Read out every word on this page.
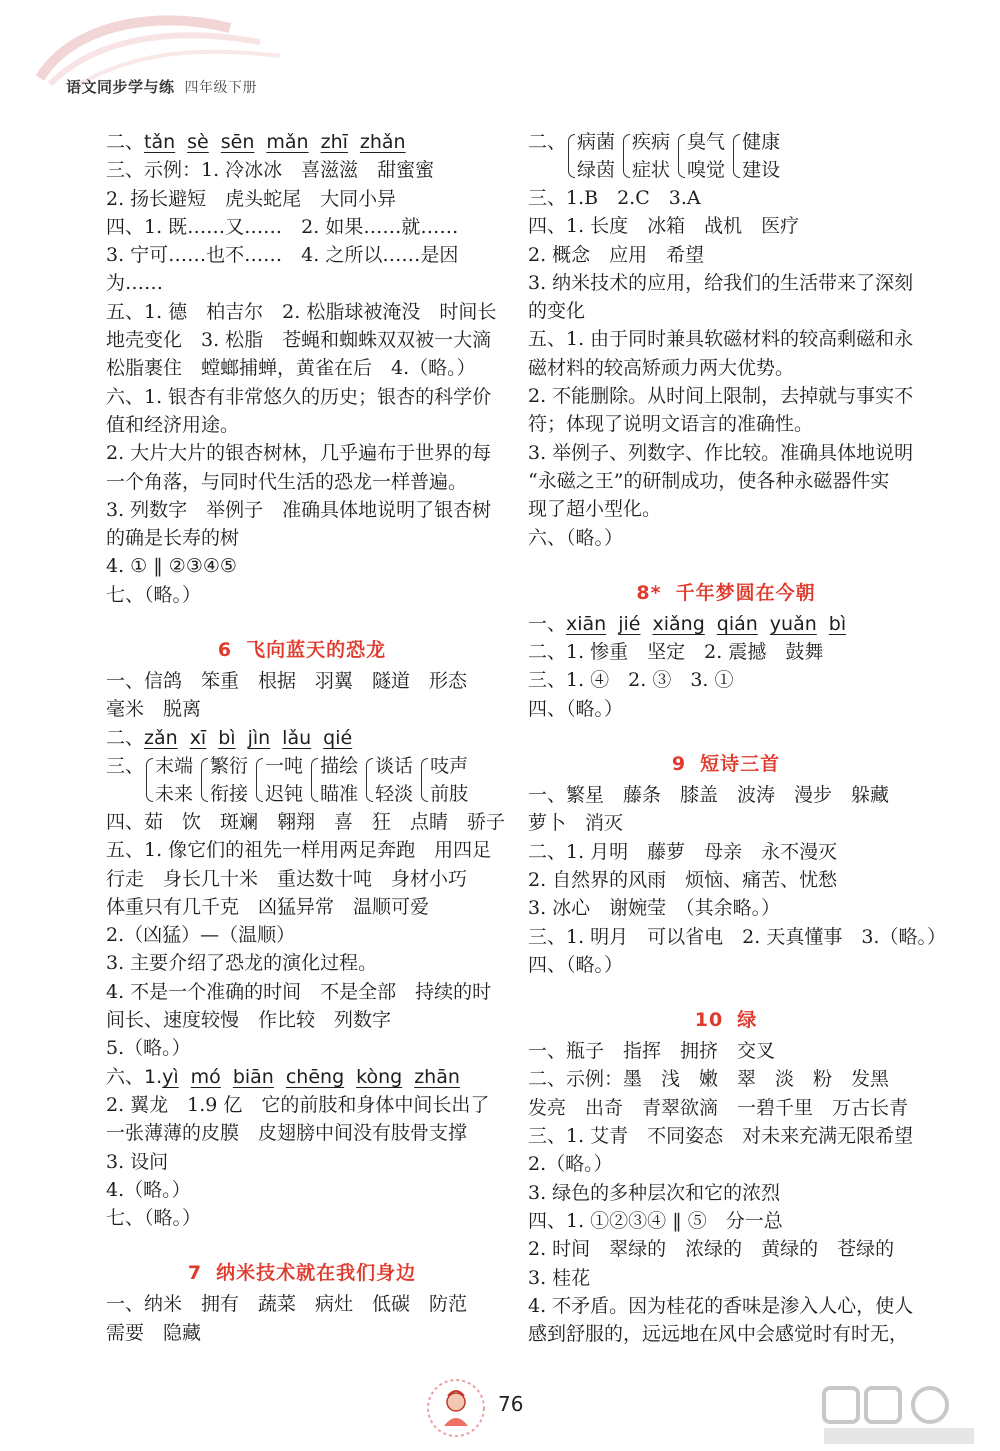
语文同步学与练 四年级下册
二、tǎn sè sēn mǎn zhī zhǎn
三、示例：1. 冷冰冰　喜滋滋　甜蜜蜜
2. 扬长避短　虎头蛇尾　大同小异
四、1. 既……又……　2. 如果……就……
3. 宁可……也不……　4. 之所以……是因
为……
五、1. 德　柏吉尔　2. 松脂球被淹没　时间长
地壳变化　3. 松脂　苍蝇和蜘蛛双双被一大滴
松脂裹住　螳螂捕蝉，黄雀在后　4.（略。）
六、1. 银杏有非常悠久的历史；银杏的科学价
值和经济用途。
2. 大片大片的银杏树林，几乎遍布于世界的每
一个角落，与同时代生活的恐龙一样普遍。
3. 列数字　举例子　准确具体地说明了银杏树
的确是长寿的树
4. ① ‖ ②③④⑤
七、（略。）
6 飞向蓝天的恐龙
一、信鸽　笨重　根据　羽翼　隧道　形态
毫米　脱离
二、zǎn xī bì jìn lǎu qié
三、 末端
未来
繁衍
衔接
一吨
迟钝
描绘
瞄准
谈话
轻淡
吱声
前肢
四、茹　饮　斑斓　翱翔　喜　狂　点睛　骄子
五、1. 像它们的祖先一样用两足奔跑　用四足
行走　身长几十米　重达数十吨　身材小巧
体重只有几千克　凶猛异常　温顺可爱
2.（凶猛）—（温顺）
3. 主要介绍了恐龙的演化过程。
4. 不是一个准确的时间　不是全部　持续的时
间长、速度较慢　作比较　列数字
5.（略。）
六、1.yì mó biān chēng kòng zhān
2. 翼龙　1.9 亿　它的前肢和身体中间长出了
一张薄薄的皮膜　皮翅膀中间没有肢骨支撑
3. 设问
4.（略。）
七、（略。）
7 纳米技术就在我们身边
一、纳米　拥有　蔬菜　病灶　低碳　防范
需要　隐藏
二、 病菌
绿茵
疾病
症状
臭气
嗅觉
健康
建设
三、1.B　2.C　3.A
四、1. 长度　冰箱　战机　医疗
2. 概念　应用　希望
3. 纳米技术的应用，给我们的生活带来了深刻
的变化
五、1. 由于同时兼具软磁材料的较高剩磁和永
磁材料的较高矫顽力两大优势。
2. 不能删除。从时间上限制，去掉就与事实不
符；体现了说明文语言的准确性。
3. 举例子、列数字、作比较。准确具体地说明
“永磁之王”的研制成功，使各种永磁器件实
现了超小型化。
六、（略。）
8* 千年梦圆在今朝
一、xiān jié xiǎng qián yuǎn bì
二、1. 惨重　坚定　2. 震撼　鼓舞
三、1. ④　2. ③　3. ①
四、（略。）
9 短诗三首
一、繁星　藤条　膝盖　波涛　漫步　躲藏
萝卜　消灭
二、1. 月明　藤萝　母亲　永不漫灭
2. 自然界的风雨　烦恼、痛苦、忧愁
3. 冰心　谢婉莹　（其余略。）
三、1. 明月　可以省电　2. 天真懂事　3.（略。）
四、（略。）
10 绿
一、瓶子　指挥　拥挤　交叉
二、示例：墨　浅　嫩　翠　淡　粉　发黑
发亮　出奇　青翠欲滴　一碧千里　万古长青
三、1. 艾青　不同姿态　对未来充满无限希望
2.（略。）
3. 绿色的多种层次和它的浓烈
四、1. ①②③④ ‖ ⑤　分一总
2. 时间　翠绿的　浓绿的　黄绿的　苍绿的
3. 桂花
4. 不矛盾。因为桂花的香味是渗入人心，使人
感到舒服的，远远地在风中会感觉时有时无，
76
